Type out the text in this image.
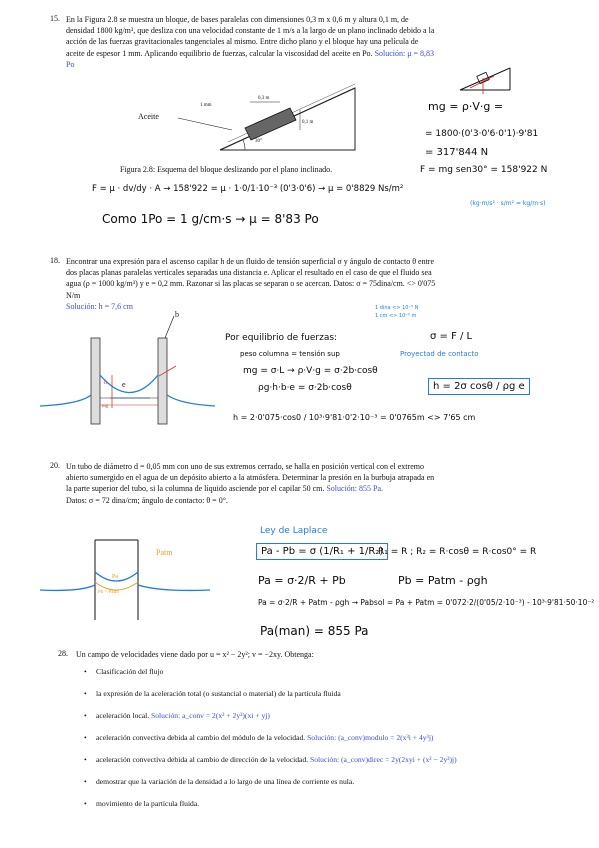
15. En la Figura 2.8 se muestra un bloque, de bases paralelas con dimensiones 0,3 m x 0,6 m y altura 0,1 m, de densidad 1800 kg/m³, que desliza con una velocidad constante de 1 m/s a la largo de un plano inclinado debido a la acción de las fuerzas gravitacionales tangenciales al mismo. Entre dicho plano y el bloque hay una película de aceite de espesor 1 mm. Aplicando equilibrio de fuerzas, calcular la viscosidad del aceite en Po. Solución: μ = 8,83 Po
Aceite
1 mm
0,3 m
0,1 m
30°
Figura 2.8: Esquema del bloque deslizando por el plano inclinado.
mg = ρ·V·g =
= 1800·(0'3·0'6·0'1)·9'81
= 317'844 N
F = mg sen30° = 158'922 N
F = μ · dv/dy · A → 158'922 = μ · 1·0/1·10⁻³ (0'3·0'6) → μ = 0'8829 Ns/m²
(kg·m/s² · s/m² = kg/m·s)
Como 1Po = 1 g/cm·s → μ = 8'83 Po
18. Encontrar una expresión para el ascenso capilar h de un fluido de tensión superficial σ y ángulo de contacto θ entre dos placas planas paralelas verticales separadas una distancia e. Aplicar el resultado en el caso de que el fluido sea agua (ρ = 1000 kg/m³) y e = 0,2 mm. Razonar si las placas se separan o se acercan. Datos: σ = 75dina/cm. <> 0'075 N/m
Solución: h = 7,6 cm	1 dina <> 10⁻⁵ N
1 cm <> 10⁻² m
b
e
h
mg
Por equilibrio de fuerzas:	σ = F / L
peso columna = tensión sup	Proyectad de contacto
mg = σ·L → ρ·V·g = σ·2b·cosθ
ρg·h·b·e = σ·2b·cosθ	h = 2σ cosθ / ρg e
h = 2·0'075·cos0 / 10³·9'81·0'2·10⁻³ = 0'0765m <> 7'65 cm
20. Un tubo de diámetro d = 0,05 mm con uno de sus extremos cerrado, se halla en posición vertical con el extremo abierto sumergido en el agua de un depósito abierto a la atmósfera. Determinar la presión en la burbuja atrapada en la parte superior del tubo, si la columna de líquido asciende por el capilar 50 cm. Solución: 855 Pa.
Datos: σ = 72 dina/cm; ángulo de contacto: θ = 0°.
Patm
Pa
Pb = Patm
Ley de Laplace
Pa - Pb = σ (1/R₁ + 1/R₂)
R₁ = R ; R₂ = R·cosθ = R·cos0° = R
Pa = σ·2/R + Pb	Pb = Patm - ρgh
Pa = σ·2/R + Patm - ρgh → Pabsol = Pa + Patm = 0'072·2/(0'05/2·10⁻³) - 10³·9'81·50·10⁻²
Pa(man) = 855 Pa
28. Un campo de velocidades viene dado por u = x² − 2y²; v = −2xy. Obtenga:
• Clasificación del flujo
• la expresión de la aceleración total (o sustancial o material) de la partícula fluida
• aceleración local. Solución: a_conv = 2(x² + 2y²)(xi + yj)
• aceleración convectiva debida al cambio del módulo de la velocidad. Solución: (a_conv)modulo = 2(x³i + 4y³j)
• aceleración convectiva debida al cambio de dirección de la velocidad. Solución: (a_conv)direc = 2y(2xyi + (x² − 2y²)j)
• demostrar que la variación de la densidad a lo largo de una línea de corriente es nula.
• movimiento de la partícula fluida.
